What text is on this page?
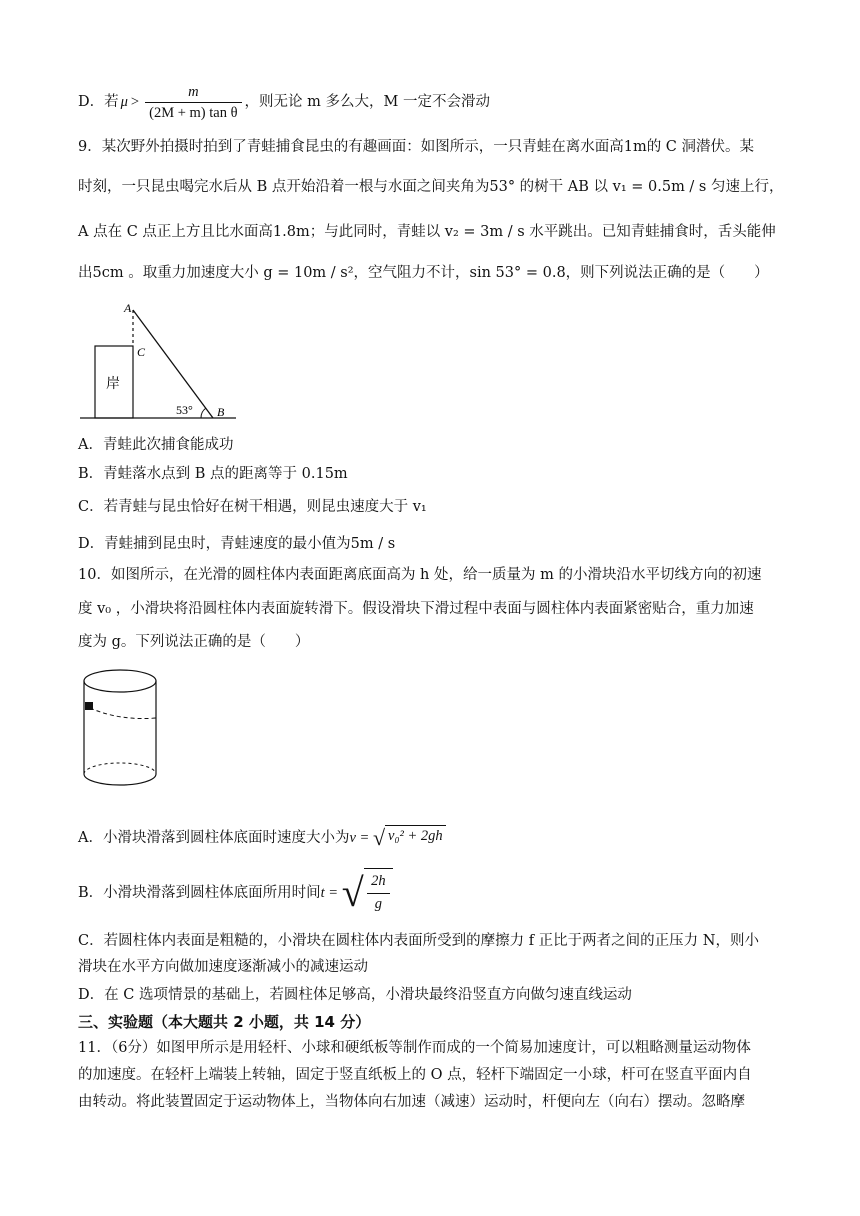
D．若 $\mu > \frac{m}{\text{(2M + m) tan θ}}$ ，则无论 m 多么大，M 一定不会滑动
9．某次野外拍摄时拍到了青蛙捕食昆虫的有趣画面：如图所示，一只青蛙在离水面高1m的 C 洞潜伏。某
时刻，一只昆虫喝完水后从 B 点开始沿着一根与水面之间夹角为53° 的树干 AB 以 v₁ = 0.5m / s 匀速上行，
A 点在 C 点正上方且比水面高1.8m；与此同时，青蛙以 v₂ = 3m / s 水平跳出。已知青蛙捕食时，舌头能伸
出5cm 。取重力加速度大小 g = 10m / s²，空气阻力不计，sin 53° = 0.8，则下列说法正确的是（　　）
岸
A
C
B
53°
A．青蛙此次捕食能成功
B．青蛙落水点到 B 点的距离等于 0.15m
C．若青蛙与昆虫恰好在树干相遇，则昆虫速度大于 v₁
D．青蛙捕到昆虫时，青蛙速度的最小值为5m / s
10．如图所示，在光滑的圆柱体内表面距离底面高为 h 处，给一质量为 m 的小滑块沿水平切线方向的初速
度 v₀ ，小滑块将沿圆柱体内表面旋转滑下。假设滑块下滑过程中表面与圆柱体内表面紧密贴合，重力加速
度为 g。下列说法正确的是（　　）
A．小滑块滑落到圆柱体底面时速度大小为 v = √ v₀² + 2gh
B．小滑块滑落到圆柱体底面所用时间 t = √ $\frac{2h}{g}$
C．若圆柱体内表面是粗糙的，小滑块在圆柱体内表面所受到的摩擦力 f 正比于两者之间的正压力 N，则小
滑块在水平方向做加速度逐渐减小的减速运动
D．在 C 选项情景的基础上，若圆柱体足够高，小滑块最终沿竖直方向做匀速直线运动
三、实验题（本大题共 2 小题，共 14 分）
11．（6分）如图甲所示是用轻杆、小球和硬纸板等制作而成的一个简易加速度计，可以粗略测量运动物体
的加速度。在轻杆上端装上转轴，固定于竖直纸板上的 O 点，轻杆下端固定一小球，杆可在竖直平面内自
由转动。将此装置固定于运动物体上，当物体向右加速（减速）运动时，杆便向左（向右）摆动。忽略摩
